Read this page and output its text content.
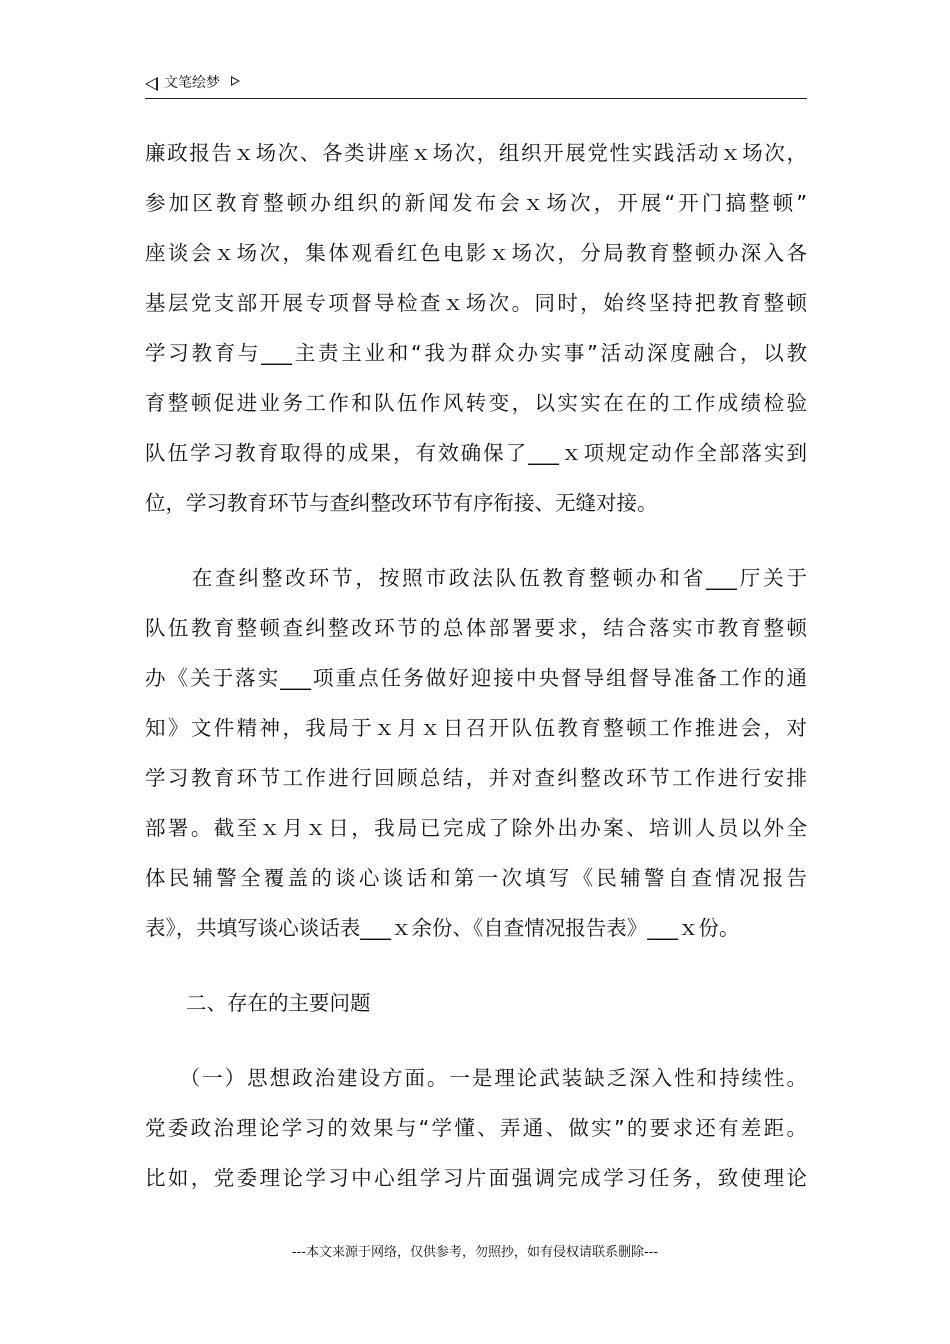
文笔绘梦
廉政报告ｘ场次、各类讲座ｘ场次，组织开展党性实践活动ｘ场次，
参加区教育整顿办组织的新闻发布会ｘ场次，开展“开门搞整顿”
座谈会ｘ场次，集体观看红色电影ｘ场次，分局教育整顿办深入各
基层党支部开展专项督导检查ｘ场次。同时，始终坚持把教育整顿
学习教育与___主责主业和“我为群众办实事”活动深度融合，以教
育整顿促进业务工作和队伍作风转变，以实实在在的工作成绩检验
队伍学习教育取得的成果，有效确保了___ｘ项规定动作全部落实到
位，学习教育环节与查纠整改环节有序衔接、无缝对接。
　　在查纠整改环节，按照市政法队伍教育整顿办和省___厅关于
队伍教育整顿查纠整改环节的总体部署要求，结合落实市教育整顿
办《关于落实___项重点任务做好迎接中央督导组督导准备工作的通
知》文件精神，我局于ｘ月ｘ日召开队伍教育整顿工作推进会，对
学习教育环节工作进行回顾总结，并对查纠整改环节工作进行安排
部署。截至ｘ月ｘ日，我局已完成了除外出办案、培训人员以外全
体民辅警全覆盖的谈心谈话和第一次填写《民辅警自查情况报告
表》，共填写谈心谈话表___ｘ余份、《自查情况报告表》___ｘ份。
　　二、存在的主要问题
　　（一）思想政治建设方面。一是理论武装缺乏深入性和持续性。
党委政治理论学习的效果与“学懂、弄通、做实”的要求还有差距。
比如，党委理论学习中心组学习片面强调完成学习任务，致使理论
---本文来源于网络，仅供参考，勿照抄，如有侵权请联系删除---
